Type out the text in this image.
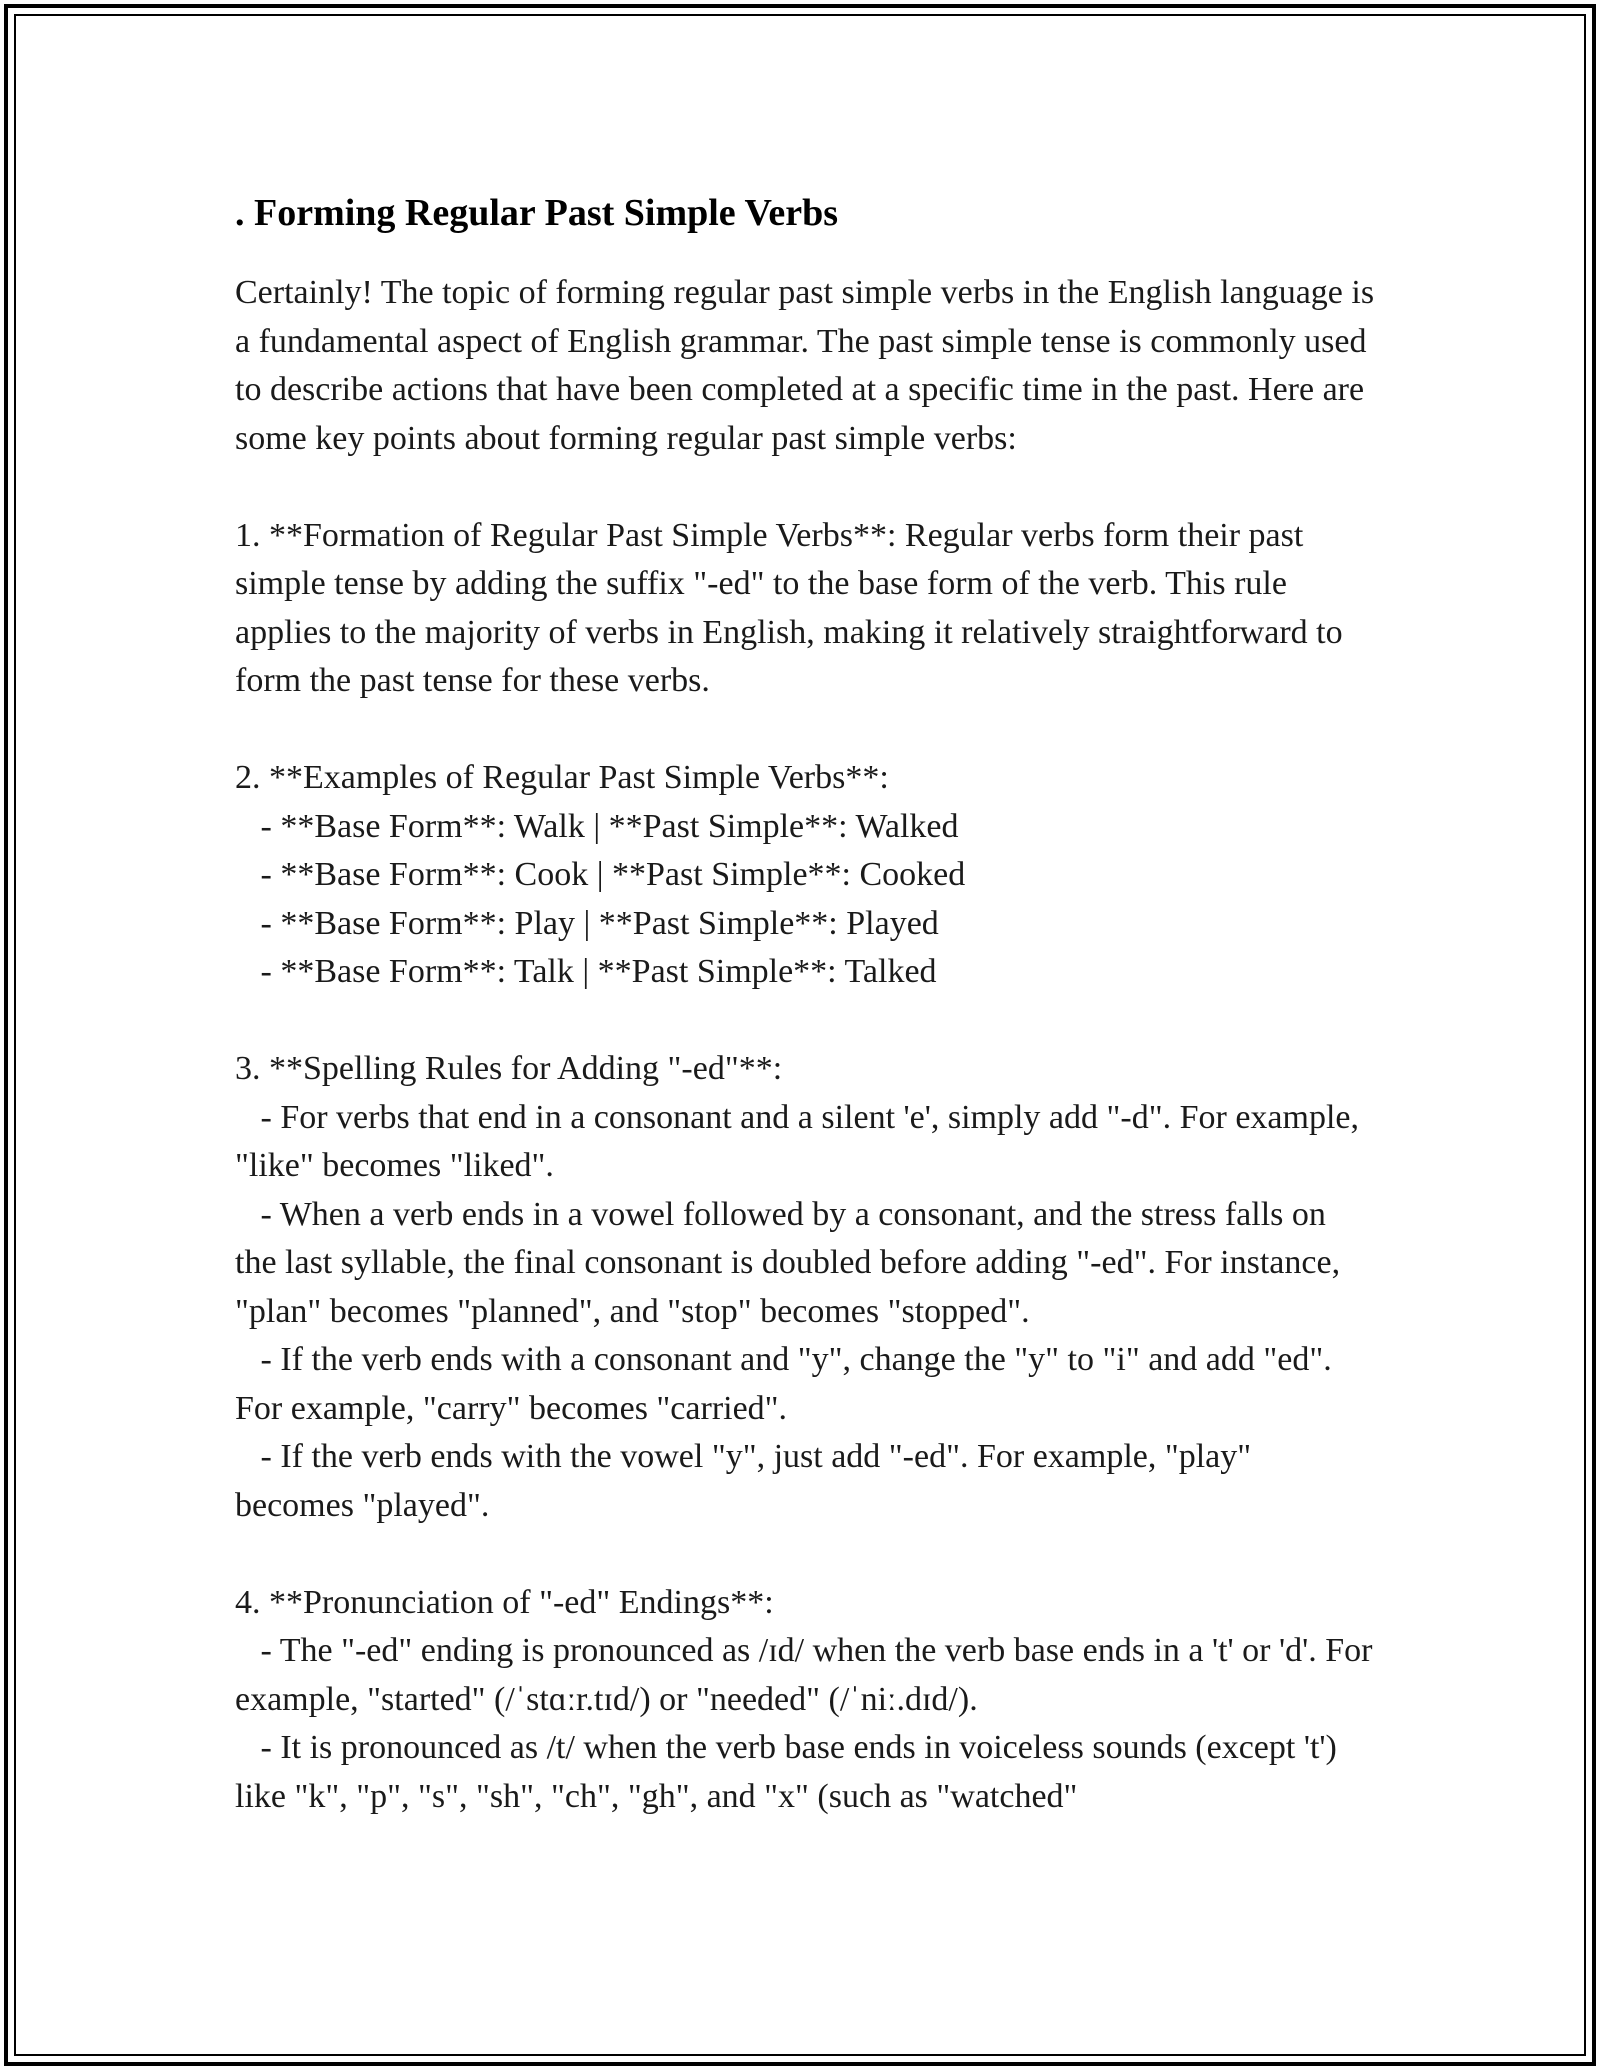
. Forming Regular Past Simple Verbs

Certainly! The topic of forming regular past simple verbs in the English language is a fundamental aspect of English grammar. The past simple tense is commonly used to describe actions that have been completed at a specific time in the past. Here are some key points about forming regular past simple verbs:

1. **Formation of Regular Past Simple Verbs**: Regular verbs form their past simple tense by adding the suffix "-ed" to the base form of the verb. This rule applies to the majority of verbs in English, making it relatively straightforward to form the past tense for these verbs.

2. **Examples of Regular Past Simple Verbs**:
- **Base Form**: Walk | **Past Simple**: Walked
- **Base Form**: Cook | **Past Simple**: Cooked
- **Base Form**: Play | **Past Simple**: Played
- **Base Form**: Talk | **Past Simple**: Talked

3. **Spelling Rules for Adding "-ed"**:
- For verbs that end in a consonant and a silent 'e', simply add "-d". For example, "like" becomes "liked".
- When a verb ends in a vowel followed by a consonant, and the stress falls on the last syllable, the final consonant is doubled before adding "-ed". For instance, "plan" becomes "planned", and "stop" becomes "stopped".
- If the verb ends with a consonant and "y", change the "y" to "i" and add "ed". For example, "carry" becomes "carried".
- If the verb ends with the vowel "y", just add "-ed". For example, "play" becomes "played".

4. **Pronunciation of "-ed" Endings**:
- The "-ed" ending is pronounced as /ɪd/ when the verb base ends in a 't' or 'd'. For example, "started" (/ˈstɑːr.tɪd/) or "needed" (/ˈniː.dɪd/).
- It is pronounced as /t/ when the verb base ends in voiceless sounds (except 't') like "k", "p", "s", "sh", "ch", "gh", and "x" (such as "watched"
